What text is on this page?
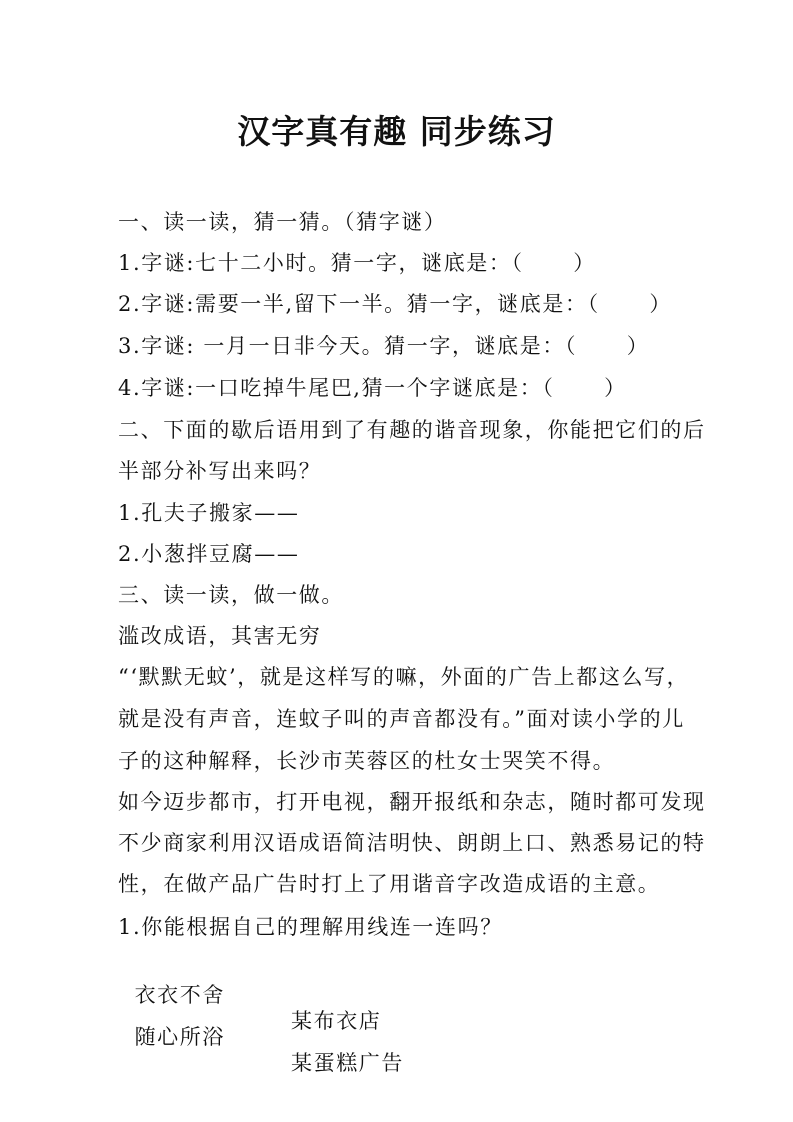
汉字真有趣 同步练习
一、读一读，猜一猜。（猜字谜）
1.字谜:七十二小时。猜一字，谜底是：（      ）
2.字谜:需要一半,留下一半。猜一字，谜底是：（      ）
3.字谜: 一月一日非今天。猜一字，谜底是：（      ）
4.字谜:一口吃掉牛尾巴,猜一个字谜底是：（      ）
二、下面的歇后语用到了有趣的谐音现象，你能把它们的后
半部分补写出来吗？
1.孔夫子搬家——
2.小葱拌豆腐——
三、读一读，做一做。
滥改成语，其害无穷
“‘默默无蚊’，就是这样写的嘛，外面的广告上都这么写，
就是没有声音，连蚊子叫的声音都没有。”面对读小学的儿
子的这种解释，长沙市芙蓉区的杜女士哭笑不得。
如今迈步都市，打开电视，翻开报纸和杂志，随时都可发现
不少商家利用汉语成语简洁明快、朗朗上口、熟悉易记的特
性，在做产品广告时打上了用谐音字改造成语的主意。
1.你能根据自己的理解用线连一连吗？

衣衣不舍

某布衣店

随心所浴

某蛋糕广告
